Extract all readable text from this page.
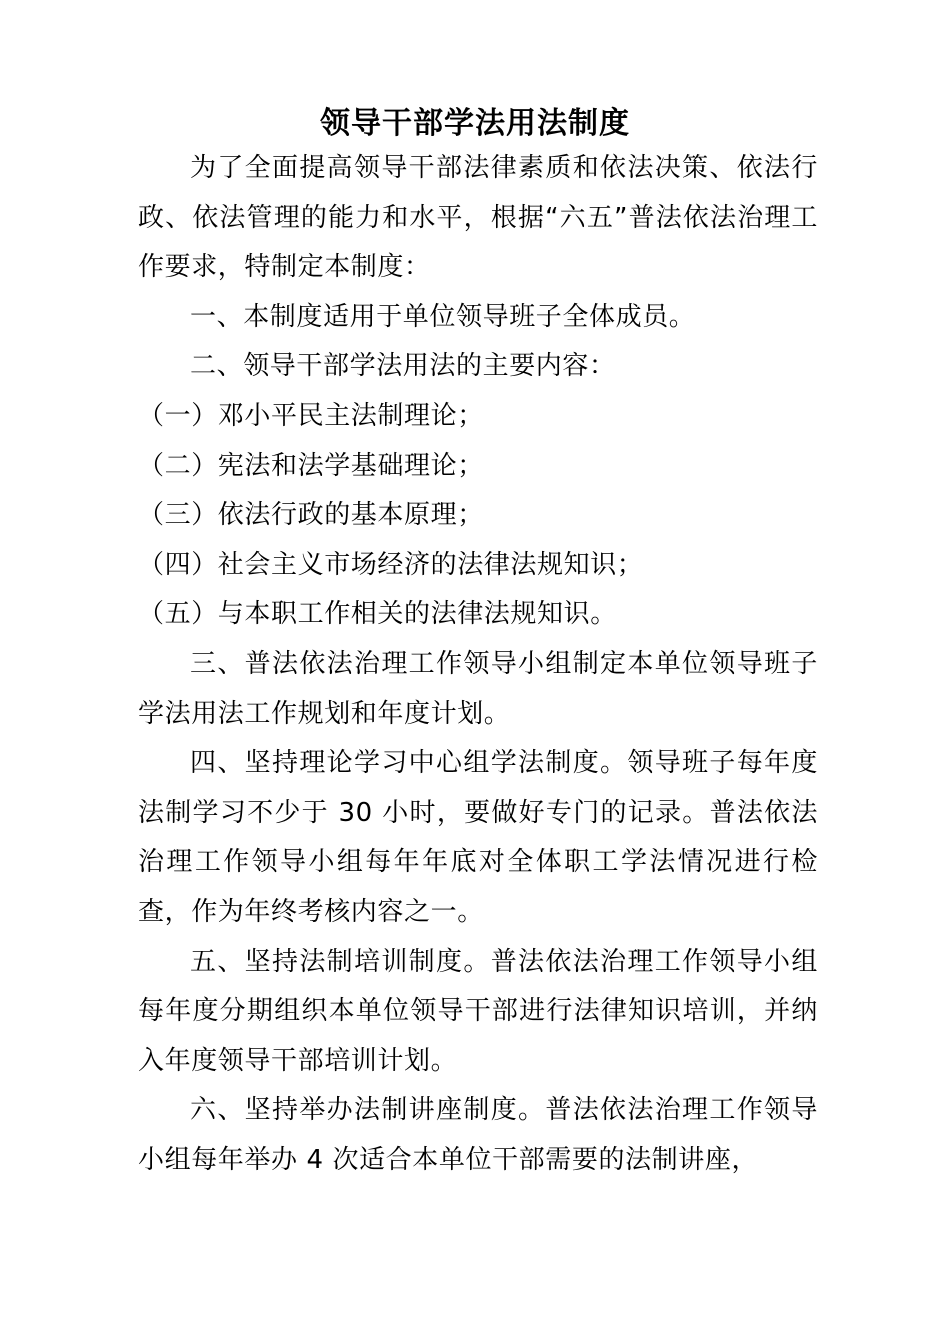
领导干部学法用法制度

为了全面提高领导干部法律素质和依法决策、依法行政、依法管理的能力和水平，根据“六五”普法依法治理工作要求，特制定本制度：

一、本制度适用于单位领导班子全体成员。

二、领导干部学法用法的主要内容：

（一）邓小平民主法制理论；

（二）宪法和法学基础理论；

（三）依法行政的基本原理；

（四）社会主义市场经济的法律法规知识；

（五）与本职工作相关的法律法规知识。

三、普法依法治理工作领导小组制定本单位领导班子学法用法工作规划和年度计划。

四、坚持理论学习中心组学法制度。领导班子每年度法制学习不少于 30 小时，要做好专门的记录。普法依法治理工作领导小组每年年底对全体职工学法情况进行检查，作为年终考核内容之一。

五、坚持法制培训制度。普法依法治理工作领导小组每年度分期组织本单位领导干部进行法律知识培训，并纳入年度领导干部培训计划。

六、坚持举办法制讲座制度。普法依法治理工作领导小组每年举办 4 次适合本单位干部需要的法制讲座，
